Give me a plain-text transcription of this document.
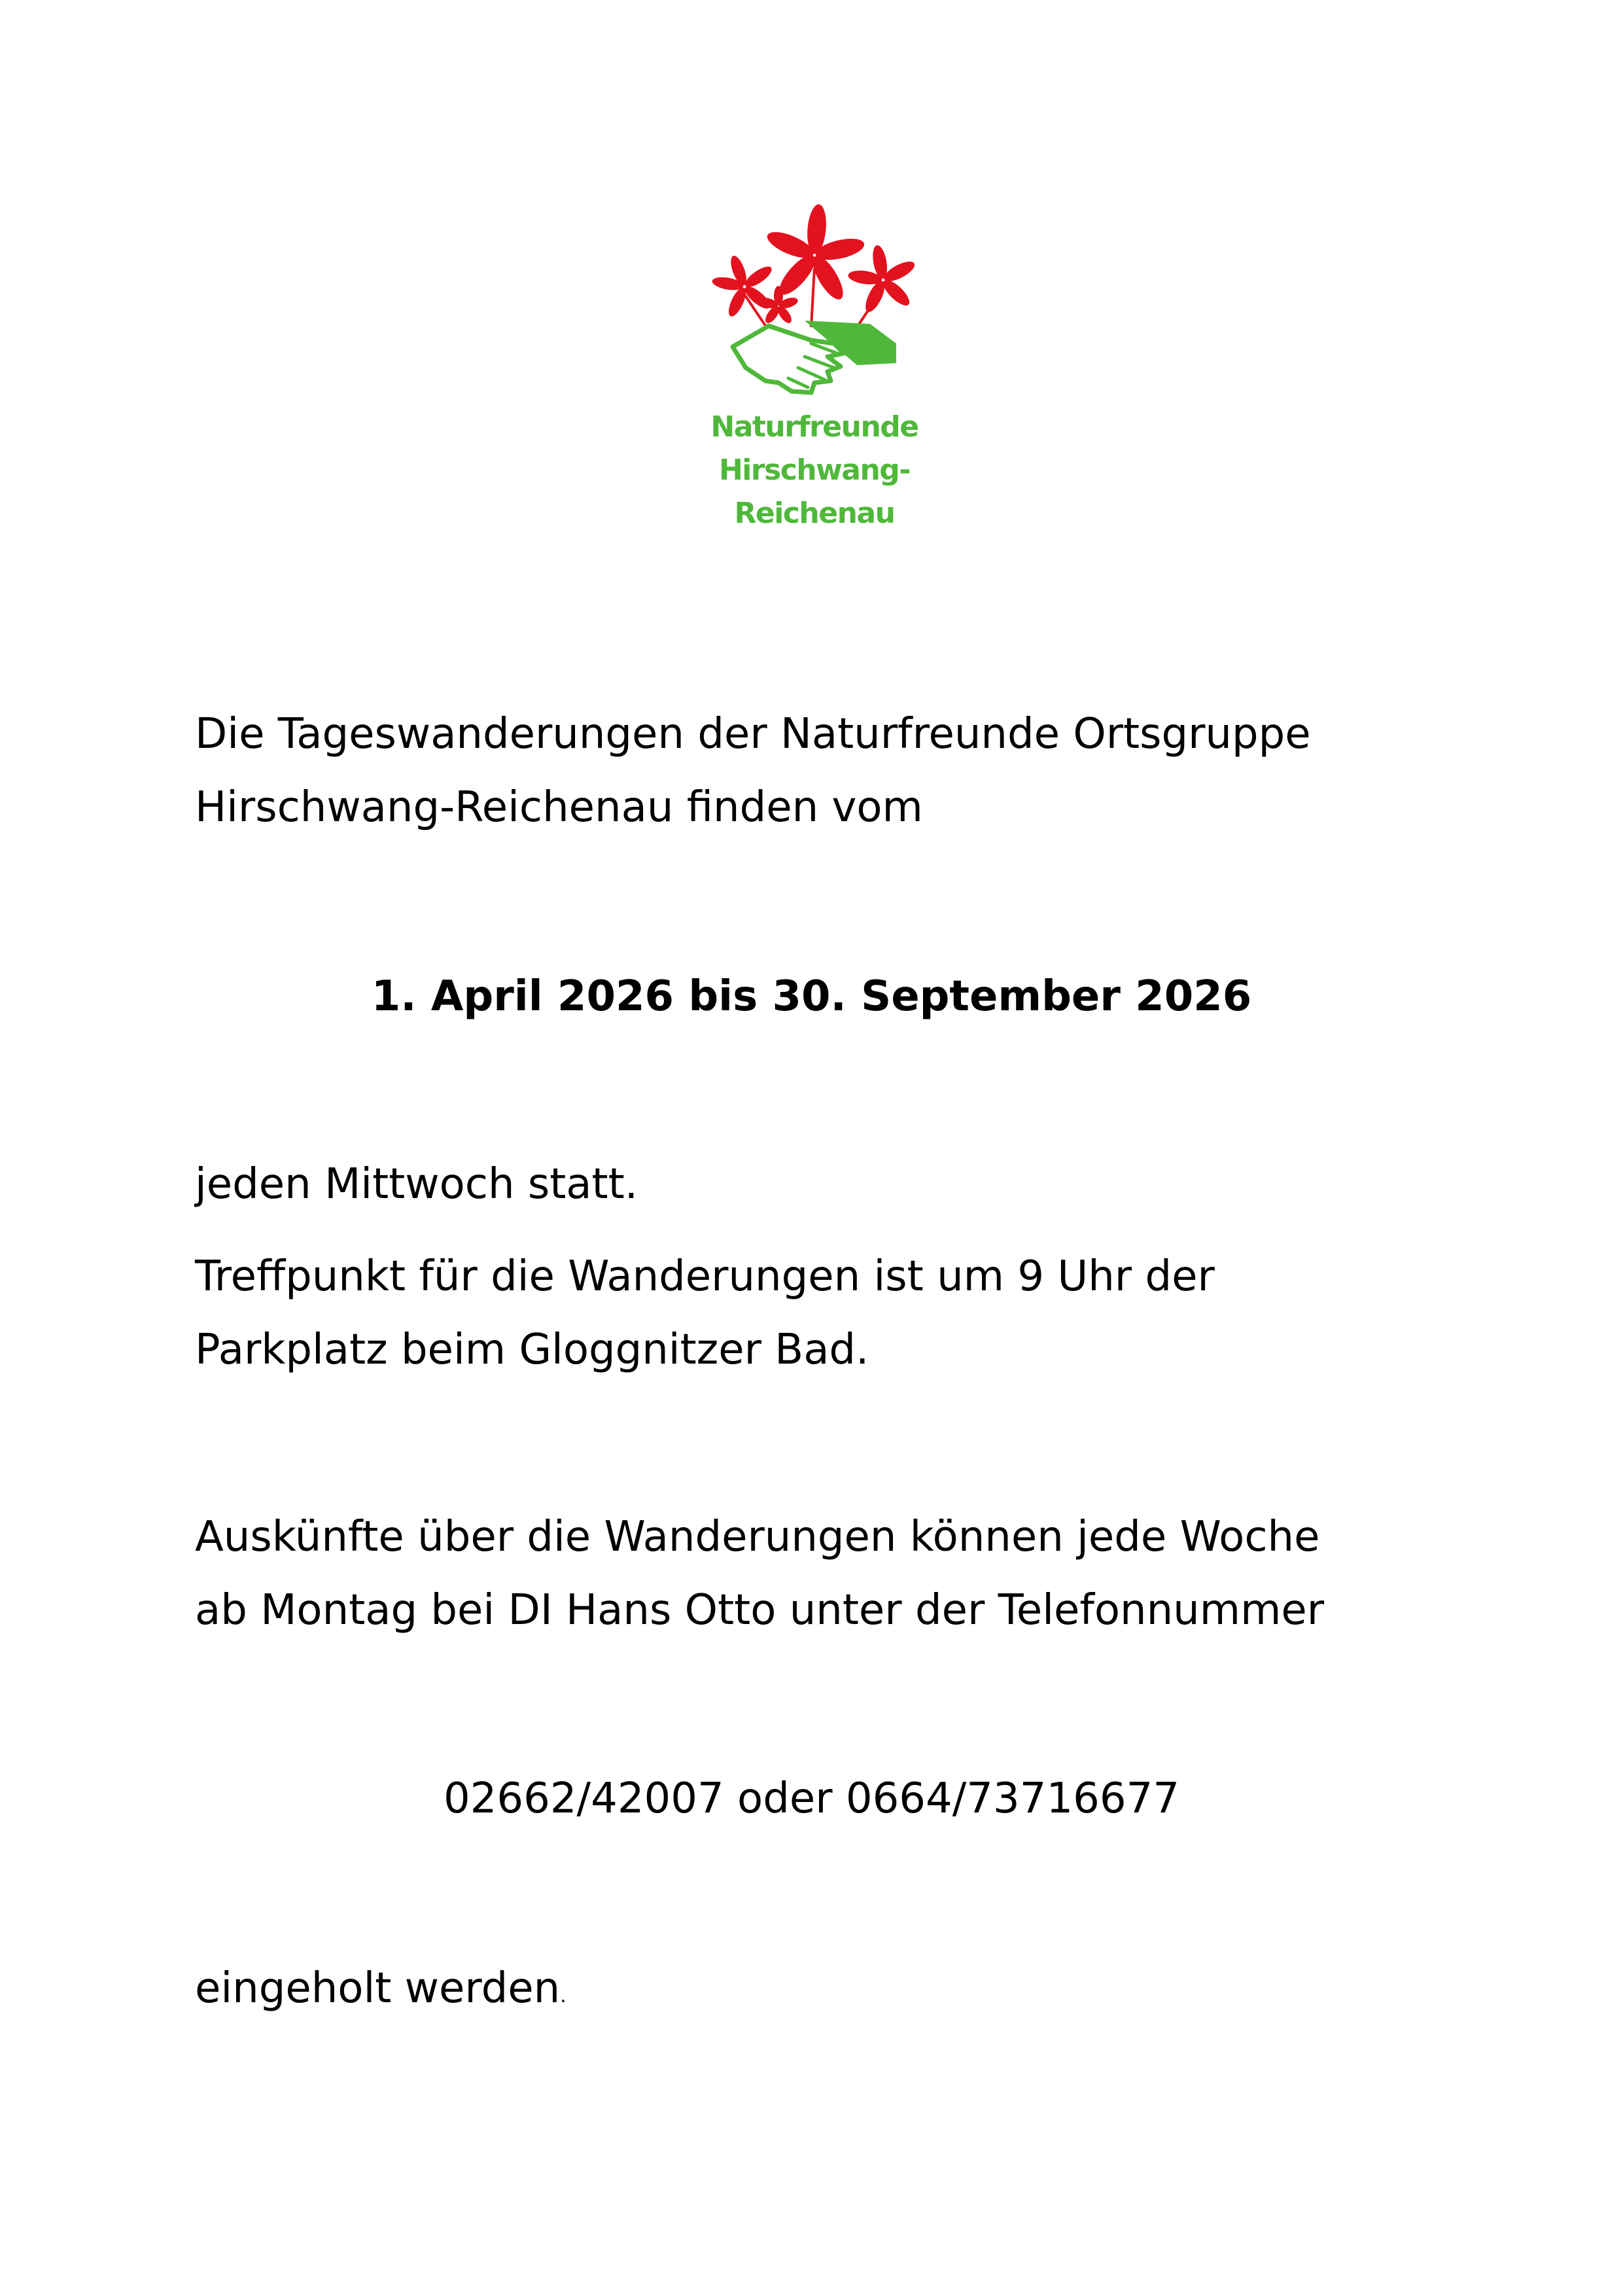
Naturfreunde
Hirschwang-
Reichenau
Die Tageswanderungen der Naturfreunde Ortsgruppe
Hirschwang-Reichenau finden vom
1. April 2026 bis 30. September 2026
jeden Mittwoch statt.
Treffpunkt für die Wanderungen ist um 9 Uhr der
Parkplatz beim Gloggnitzer Bad.
Auskünfte über die Wanderungen können jede Woche
ab Montag bei DI Hans Otto unter der Telefonnummer
02662/42007 oder 0664/73716677
eingeholt werden.
